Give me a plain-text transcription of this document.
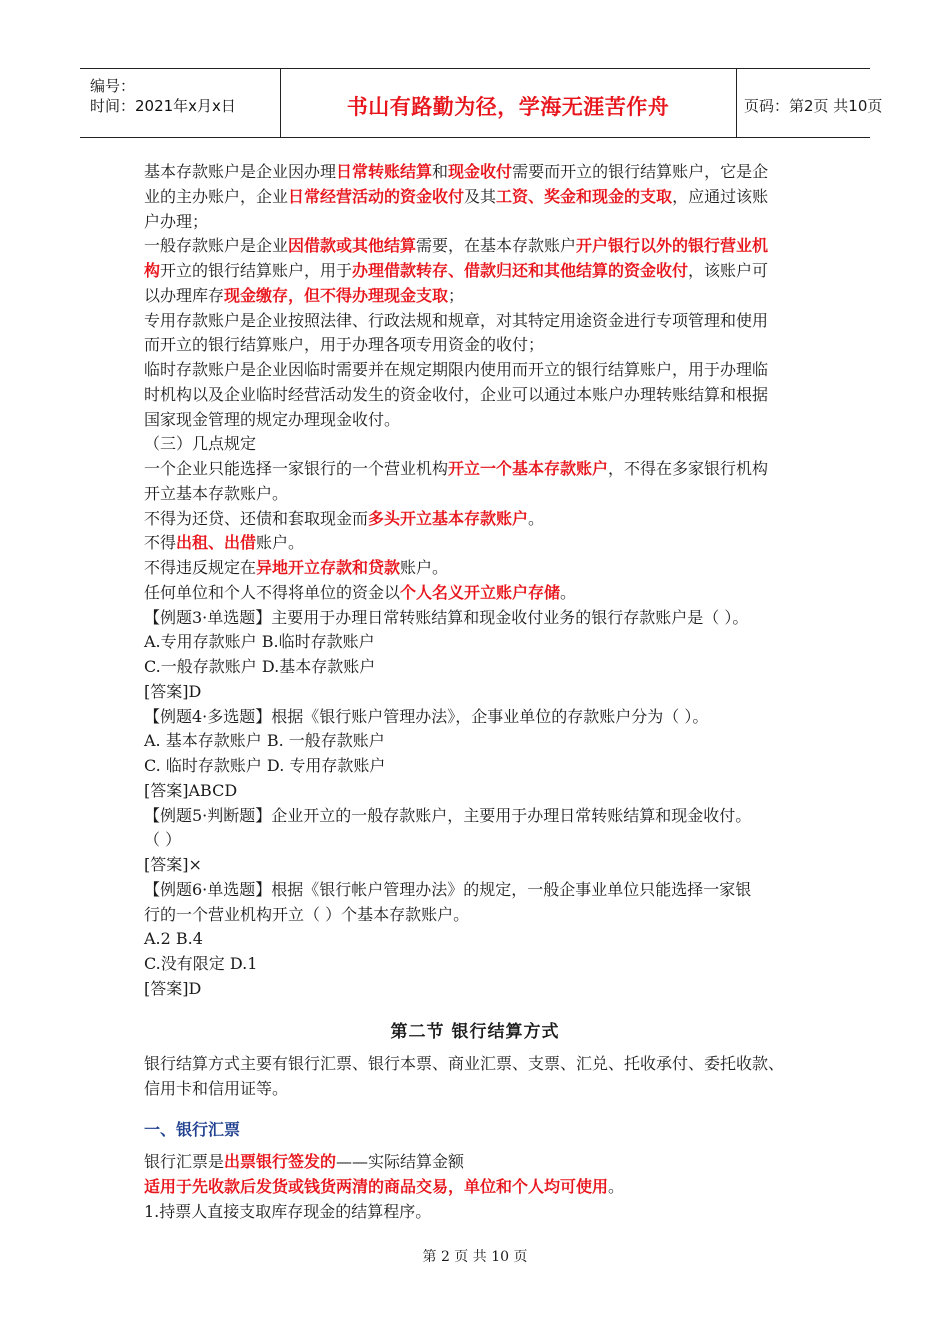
编号：
时间：2021年x月x日	书山有路勤为径，学海无涯苦作舟	页码：第2页 共10页
基本存款账户是企业因办理日常转账结算和现金收付需要而开立的银行结算账户，它是企
业的主办账户，企业日常经营活动的资金收付及其工资、奖金和现金的支取，应通过该账
户办理；
一般存款账户是企业因借款或其他结算需要，在基本存款账户开户银行以外的银行营业机
构开立的银行结算账户，用于办理借款转存、借款归还和其他结算的资金收付，该账户可
以办理库存现金缴存，但不得办理现金支取；
专用存款账户是企业按照法律、行政法规和规章，对其特定用途资金进行专项管理和使用
而开立的银行结算账户，用于办理各项专用资金的收付；
临时存款账户是企业因临时需要并在规定期限内使用而开立的银行结算账户，用于办理临
时机构以及企业临时经营活动发生的资金收付，企业可以通过本账户办理转账结算和根据
国家现金管理的规定办理现金收付。
（三）几点规定
一个企业只能选择一家银行的一个营业机构开立一个基本存款账户，不得在多家银行机构
开立基本存款账户。
不得为还贷、还债和套取现金而多头开立基本存款账户。
不得出租、出借账户。
不得违反规定在异地开立存款和贷款账户。
任何单位和个人不得将单位的资金以个人名义开立账户存储。
【例题3·单选题】主要用于办理日常转账结算和现金收付业务的银行存款账户是（ ）。
A.专用存款账户 B.临时存款账户
C.一般存款账户 D.基本存款账户
[答案]D
【例题4·多选题】根据《银行账户管理办法》，企事业单位的存款账户分为（ ）。
A. 基本存款账户 B. 一般存款账户
C. 临时存款账户 D. 专用存款账户
[答案]ABCD
【例题5·判断题】企业开立的一般存款账户，主要用于办理日常转账结算和现金收付。
（ ）
[答案]×
【例题6·单选题】根据《银行帐户管理办法》的规定，一般企事业单位只能选择一家银
行的一个营业机构开立（ ）个基本存款账户。
A.2 B.4
C.没有限定 D.1
[答案]D
第二节 银行结算方式
银行结算方式主要有银行汇票、银行本票、商业汇票、支票、汇兑、托收承付、委托收款、
信用卡和信用证等。
一、银行汇票
银行汇票是出票银行签发的——实际结算金额
适用于先收款后发货或钱货两清的商品交易，单位和个人均可使用。
1.持票人直接支取库存现金的结算程序。
第 2 页 共 10 页
